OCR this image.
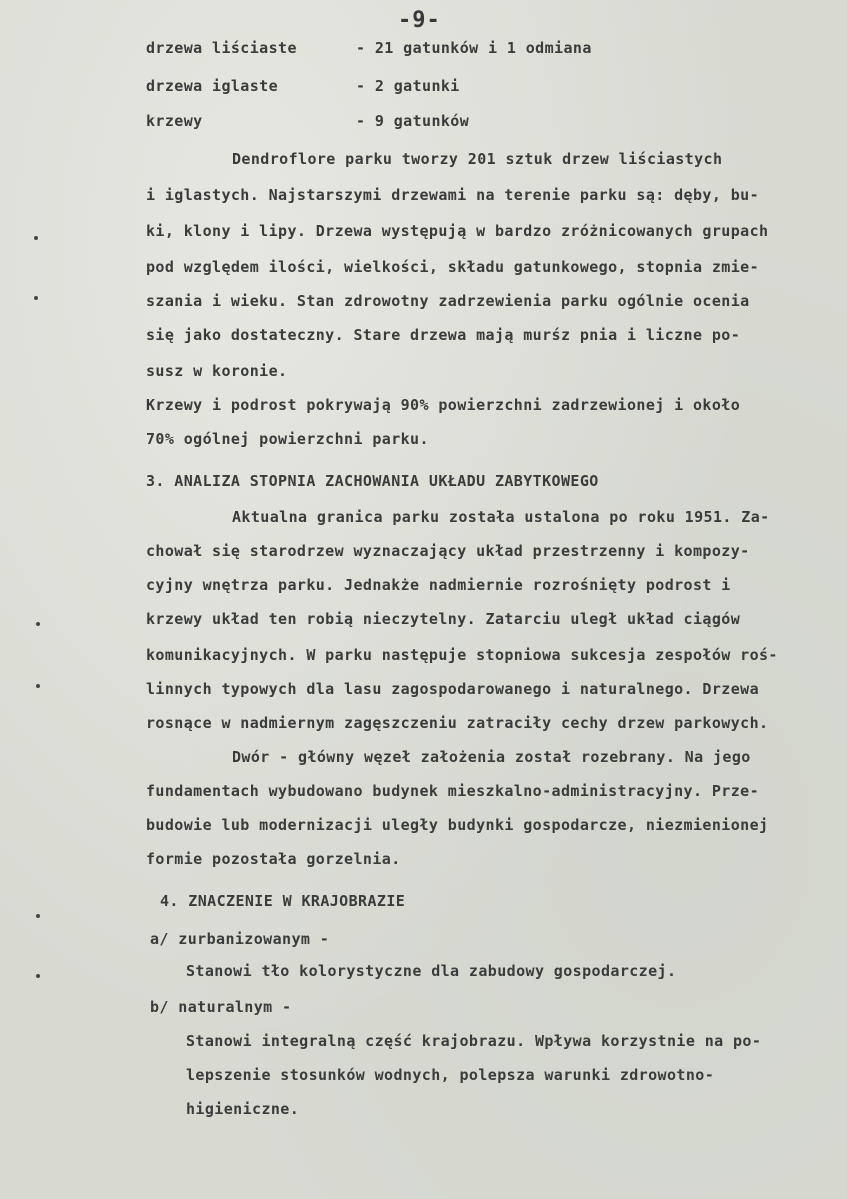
-9-
drzewa liściaste	- 21 gatunków i 1 odmiana
drzewa iglaste	- 2 gatunki
krzewy	- 9 gatunków
Dendroflore parku tworzy 201 sztuk drzew liściastych
i iglastych. Najstarszymi drzewami na terenie parku są: dęby, bu-
ki, klony i lipy. Drzewa występują w bardzo zróżnicowanych grupach
pod względem ilości, wielkości, składu gatunkowego, stopnia zmie-
szania i wieku. Stan zdrowotny zadrzewienia parku ogólnie ocenia
się jako dostateczny. Stare drzewa mają murśz pnia i liczne po-
susz w koronie.
Krzewy i podrost pokrywają 90% powierzchni zadrzewionej i około
70% ogólnej powierzchni parku.
3. ANALIZA STOPNIA ZACHOWANIA UKŁADU ZABYTKOWEGO
Aktualna granica parku została ustalona po roku 1951. Za-
chował się starodrzew wyznaczający układ przestrzenny i kompozy-
cyjny wnętrza parku. Jednakże nadmiernie rozrośnięty podrost i
krzewy układ ten robią nieczytelny. Zatarciu uległ układ ciągów
komunikacyjnych. W parku następuje stopniowa sukcesja zespołów roś-
linnych typowych dla lasu zagospodarowanego i naturalnego. Drzewa
rosnące w nadmiernym zagęszczeniu zatraciły cechy drzew parkowych.
Dwór - główny węzeł założenia został rozebrany. Na jego
fundamentach wybudowano budynek mieszkalno-administracyjny. Prze-
budowie lub modernizacji uległy budynki gospodarcze, niezmienionej
formie pozostała gorzelnia.
4. ZNACZENIE W KRAJOBRAZIE
a/ zurbanizowanym -
Stanowi tło kolorystyczne dla zabudowy gospodarczej.
b/ naturalnym -
Stanowi integralną część krajobrazu. Wpływa korzystnie na po-
lepszenie stosunków wodnych, polepsza warunki zdrowotno-
higieniczne.
